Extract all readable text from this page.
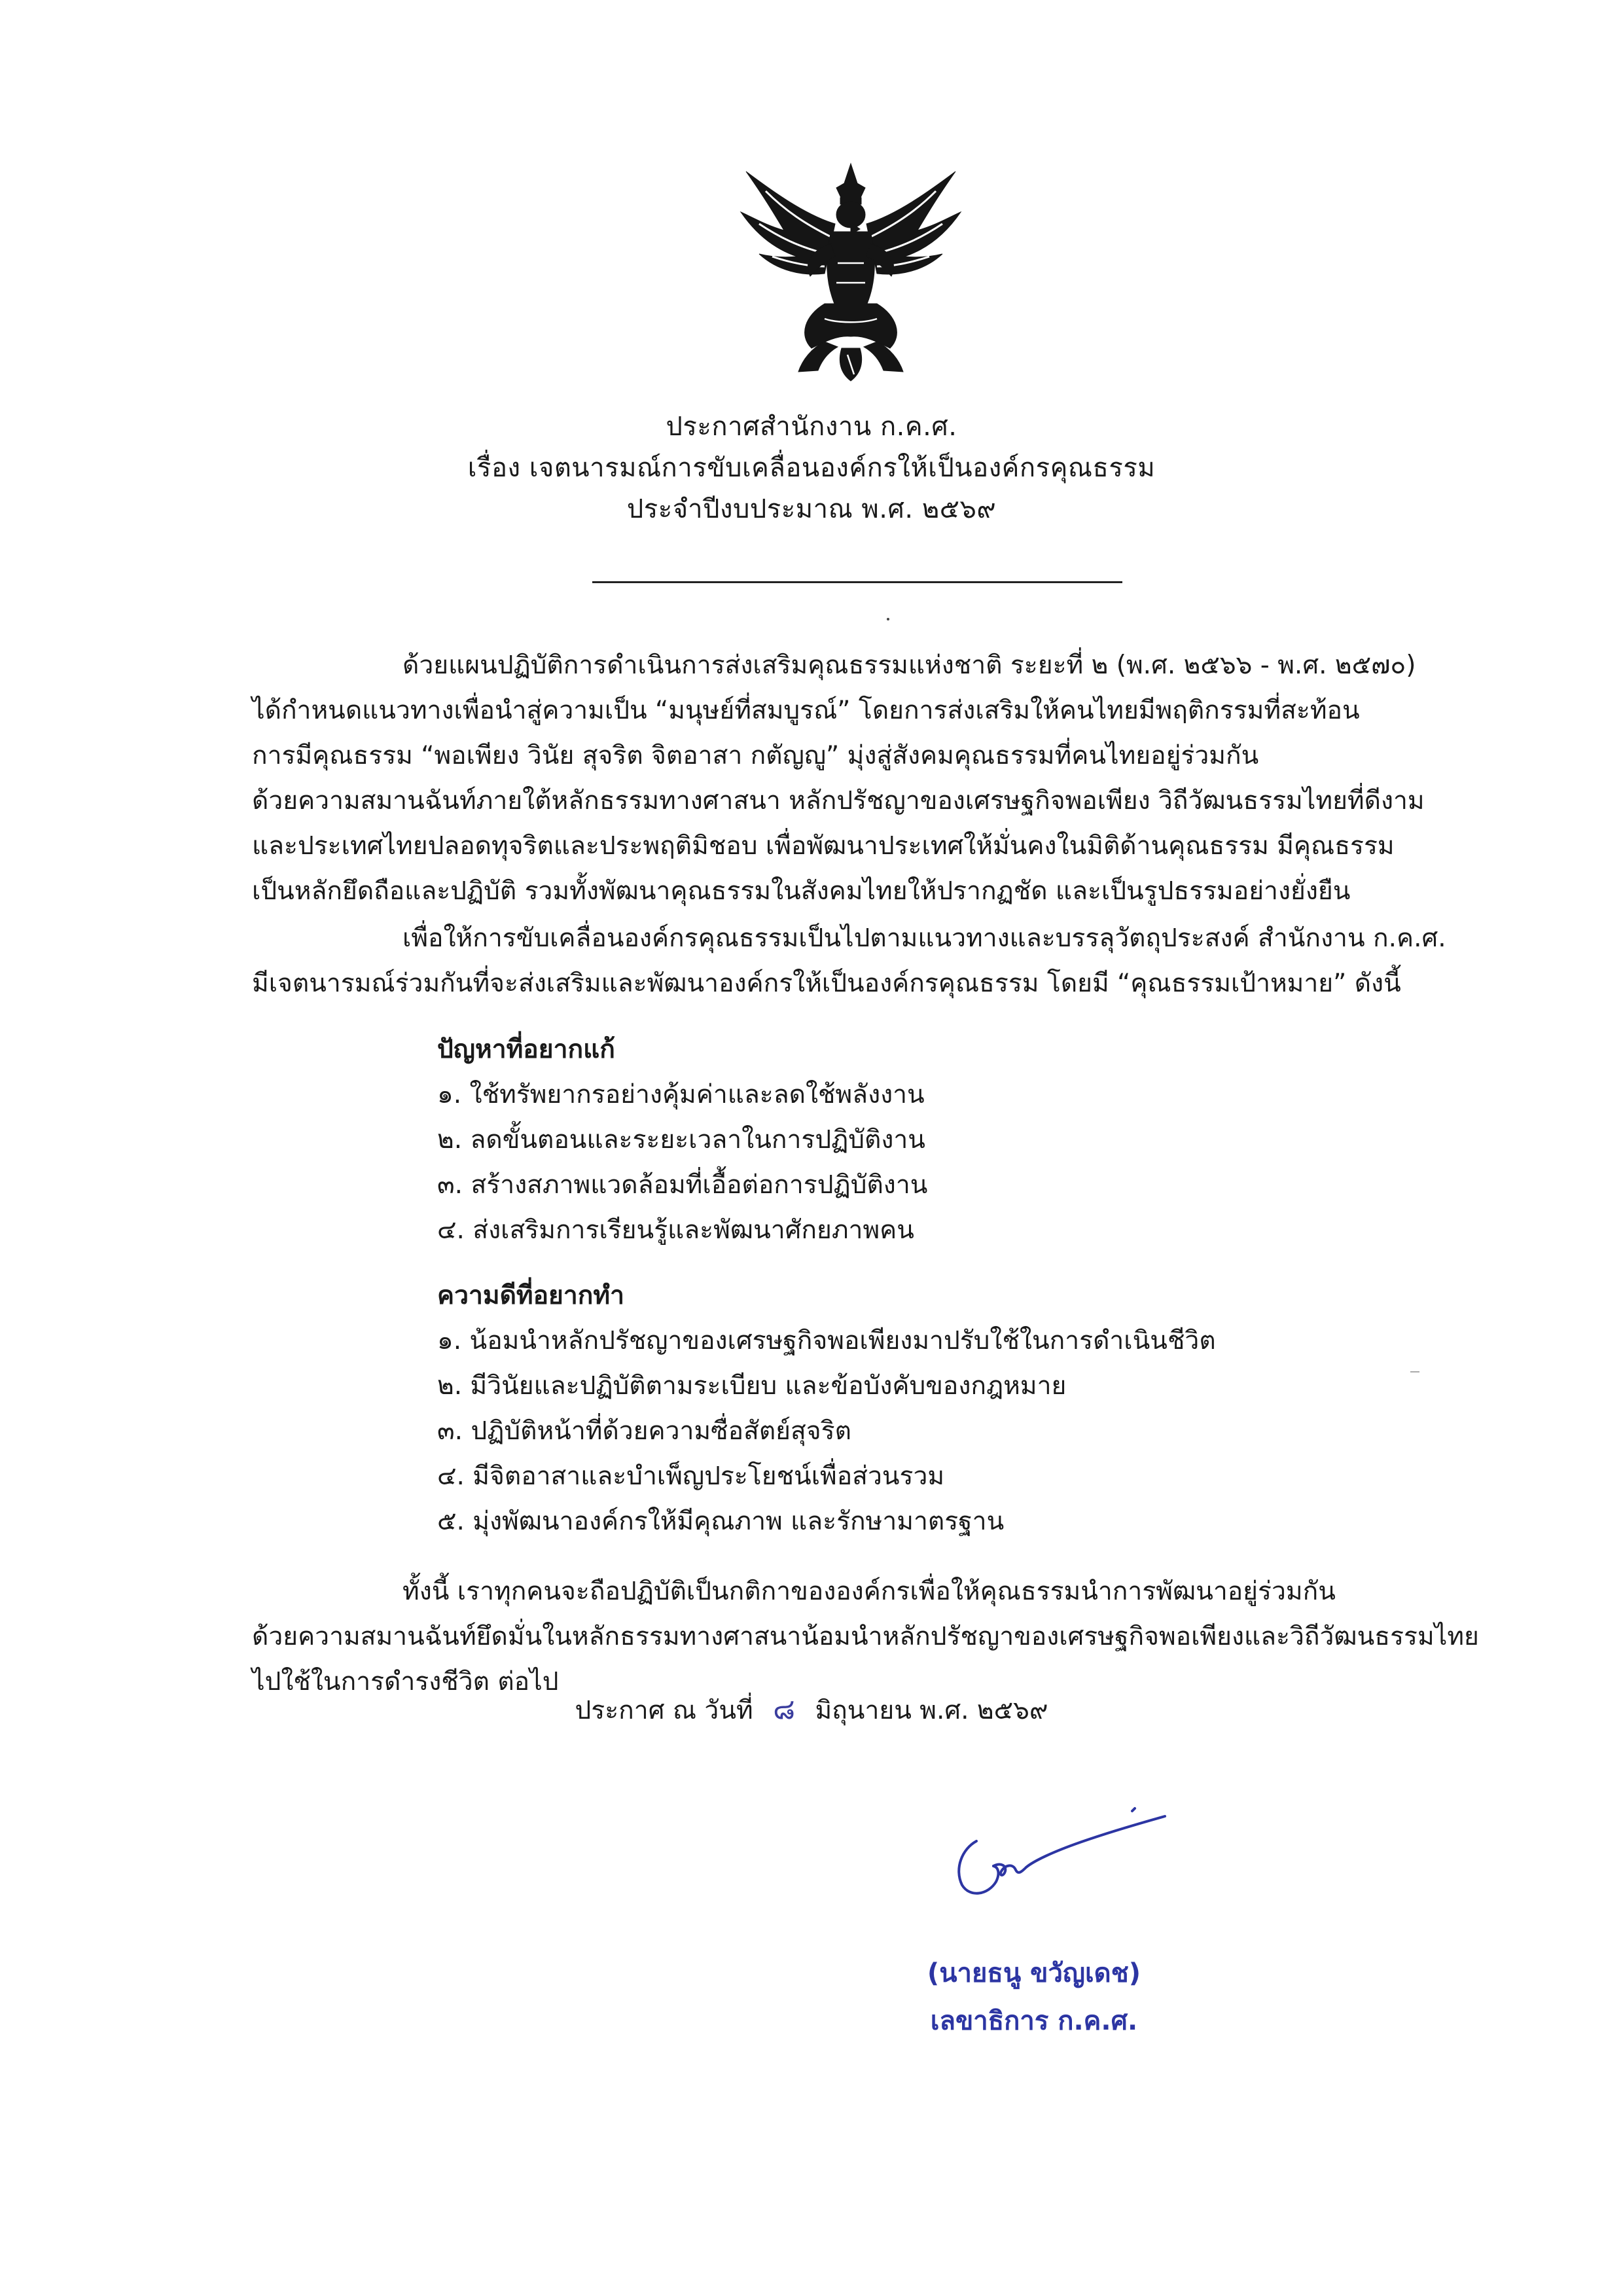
ประกาศสำนักงาน ก.ค.ศ.
เรื่อง เจตนารมณ์การขับเคลื่อนองค์กรให้เป็นองค์กรคุณธรรม
ประจำปีงบประมาณ พ.ศ. ๒๕๖๙
ด้วยแผนปฏิบัติการดำเนินการส่งเสริมคุณธรรมแห่งชาติ ระยะที่ ๒ (พ.ศ. ๒๕๖๖ - พ.ศ. ๒๕๗๐)
ได้กำหนดแนวทางเพื่อนำสู่ความเป็น “มนุษย์ที่สมบูรณ์” โดยการส่งเสริมให้คนไทยมีพฤติกรรมที่สะท้อน
การมีคุณธรรม “พอเพียง วินัย สุจริต จิตอาสา กตัญญู” มุ่งสู่สังคมคุณธรรมที่คนไทยอยู่ร่วมกัน
ด้วยความสมานฉันท์ภายใต้หลักธรรมทางศาสนา หลักปรัชญาของเศรษฐกิจพอเพียง วิถีวัฒนธรรมไทยที่ดีงาม
และประเทศไทยปลอดทุจริตและประพฤติมิชอบ เพื่อพัฒนาประเทศให้มั่นคงในมิติด้านคุณธรรม มีคุณธรรม
เป็นหลักยึดถือและปฏิบัติ รวมทั้งพัฒนาคุณธรรมในสังคมไทยให้ปรากฏชัด และเป็นรูปธรรมอย่างยั่งยืน
เพื่อให้การขับเคลื่อนองค์กรคุณธรรมเป็นไปตามแนวทางและบรรลุวัตถุประสงค์ สำนักงาน ก.ค.ศ.
มีเจตนารมณ์ร่วมกันที่จะส่งเสริมและพัฒนาองค์กรให้เป็นองค์กรคุณธรรม โดยมี “คุณธรรมเป้าหมาย” ดังนี้
ปัญหาที่อยากแก้
๑. ใช้ทรัพยากรอย่างคุ้มค่าและลดใช้พลังงาน
๒. ลดขั้นตอนและระยะเวลาในการปฏิบัติงาน
๓. สร้างสภาพแวดล้อมที่เอื้อต่อการปฏิบัติงาน
๔. ส่งเสริมการเรียนรู้และพัฒนาศักยภาพคน
ความดีที่อยากทำ
๑. น้อมนำหลักปรัชญาของเศรษฐกิจพอเพียงมาปรับใช้ในการดำเนินชีวิต
๒. มีวินัยและปฏิบัติตามระเบียบ และข้อบังคับของกฎหมาย
๓. ปฏิบัติหน้าที่ด้วยความซื่อสัตย์สุจริต
๔. มีจิตอาสาและบำเพ็ญประโยชน์เพื่อส่วนรวม
๕. มุ่งพัฒนาองค์กรให้มีคุณภาพ และรักษามาตรฐาน
ทั้งนี้ เราทุกคนจะถือปฏิบัติเป็นกติกาขององค์กรเพื่อให้คุณธรรมนำการพัฒนาอยู่ร่วมกัน
ด้วยความสมานฉันท์ยึดมั่นในหลักธรรมทางศาสนาน้อมนำหลักปรัชญาของเศรษฐกิจพอเพียงและวิถีวัฒนธรรมไทย
ไปใช้ในการดำรงชีวิต ต่อไป
ประกาศ ณ วันที่ ๘ มิถุนายน พ.ศ. ๒๕๖๙
(นายธนู ขวัญเดช)
เลขาธิการ ก.ค.ศ.
